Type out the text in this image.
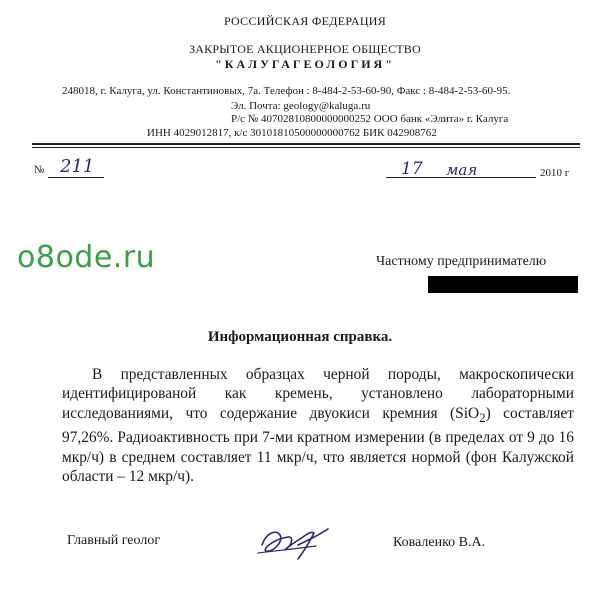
РОССИЙСКАЯ ФЕДЕРАЦИЯ
ЗАКРЫТОЕ АКЦИОНЕРНОЕ ОБЩЕСТВО
"КАЛУГАГЕОЛОГИЯ"
248018, г. Калуга, ул. Константиновых, 7а. Телефон : 8-484-2-53-60-90, Факс : 8-484-2-53-60-95.
Эл. Почта: geology@kaluga.ru
Р/с № 40702810800000000252 ООО банк «Элита» г. Калуга
ИНН 4029012817, к/с 30101810500000000762 БИК 042908762
№ 211	17 мая	2010 г
o8ode.ru	Частному предпринимателю
Информационная справка.
В представленных образцах черной породы, макроскопически идентифицированой как кремень, установлено лабораторными исследованиями, что содержание двуокиси кремния (SiO$_2$) составляет 97,26%. Радиоактивность при 7-ми кратном измерении (в пределах от 9 до 16 мкр/ч) в среднем составляет 11 мкр/ч, что является нормой (фон Калужской области – 12 мкр/ч).
Главный геолог	Коваленко В.А.
